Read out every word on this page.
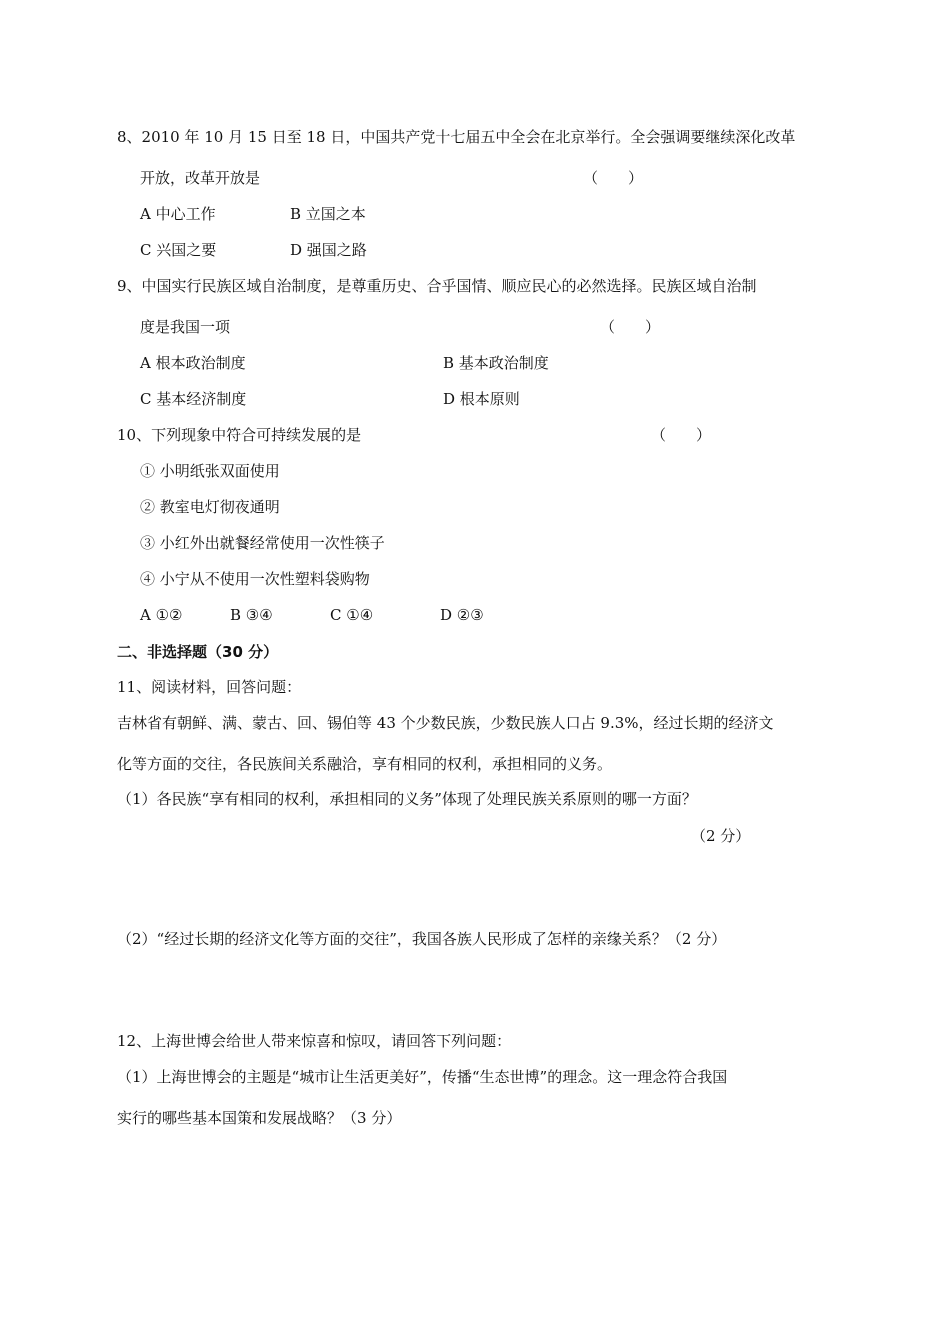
8、2010 年 10 月 15 日至 18 日，中国共产党十七届五中全会在北京举行。全会强调要继续深化改革
开放，改革开放是	（　　）
A 中心工作	B 立国之本
C 兴国之要	D 强国之路
9、中国实行民族区域自治制度，是尊重历史、合乎国情、顺应民心的必然选择。民族区域自治制
度是我国一项	（　　）
A 根本政治制度	B 基本政治制度
C 基本经济制度	D 根本原则
10、下列现象中符合可持续发展的是	（　　）
① 小明纸张双面使用
② 教室电灯彻夜通明
③ 小红外出就餐经常使用一次性筷子
④ 小宁从不使用一次性塑料袋购物
A ①②	B ③④	C ①④	D ②③
二、非选择题（30 分）
11、阅读材料，回答问题：
吉林省有朝鲜、满、蒙古、回、锡伯等 43 个少数民族，少数民族人口占 9.3%，经过长期的经济文
化等方面的交往，各民族间关系融洽，享有相同的权利，承担相同的义务。
（1）各民族“享有相同的权利，承担相同的义务”体现了处理民族关系原则的哪一方面？
（2 分）
（2）“经过长期的经济文化等方面的交往”，我国各族人民形成了怎样的亲缘关系？（2 分）
12、上海世博会给世人带来惊喜和惊叹，请回答下列问题：
（1）上海世博会的主题是“城市让生活更美好”，传播“生态世博”的理念。这一理念符合我国
实行的哪些基本国策和发展战略？（3 分）
